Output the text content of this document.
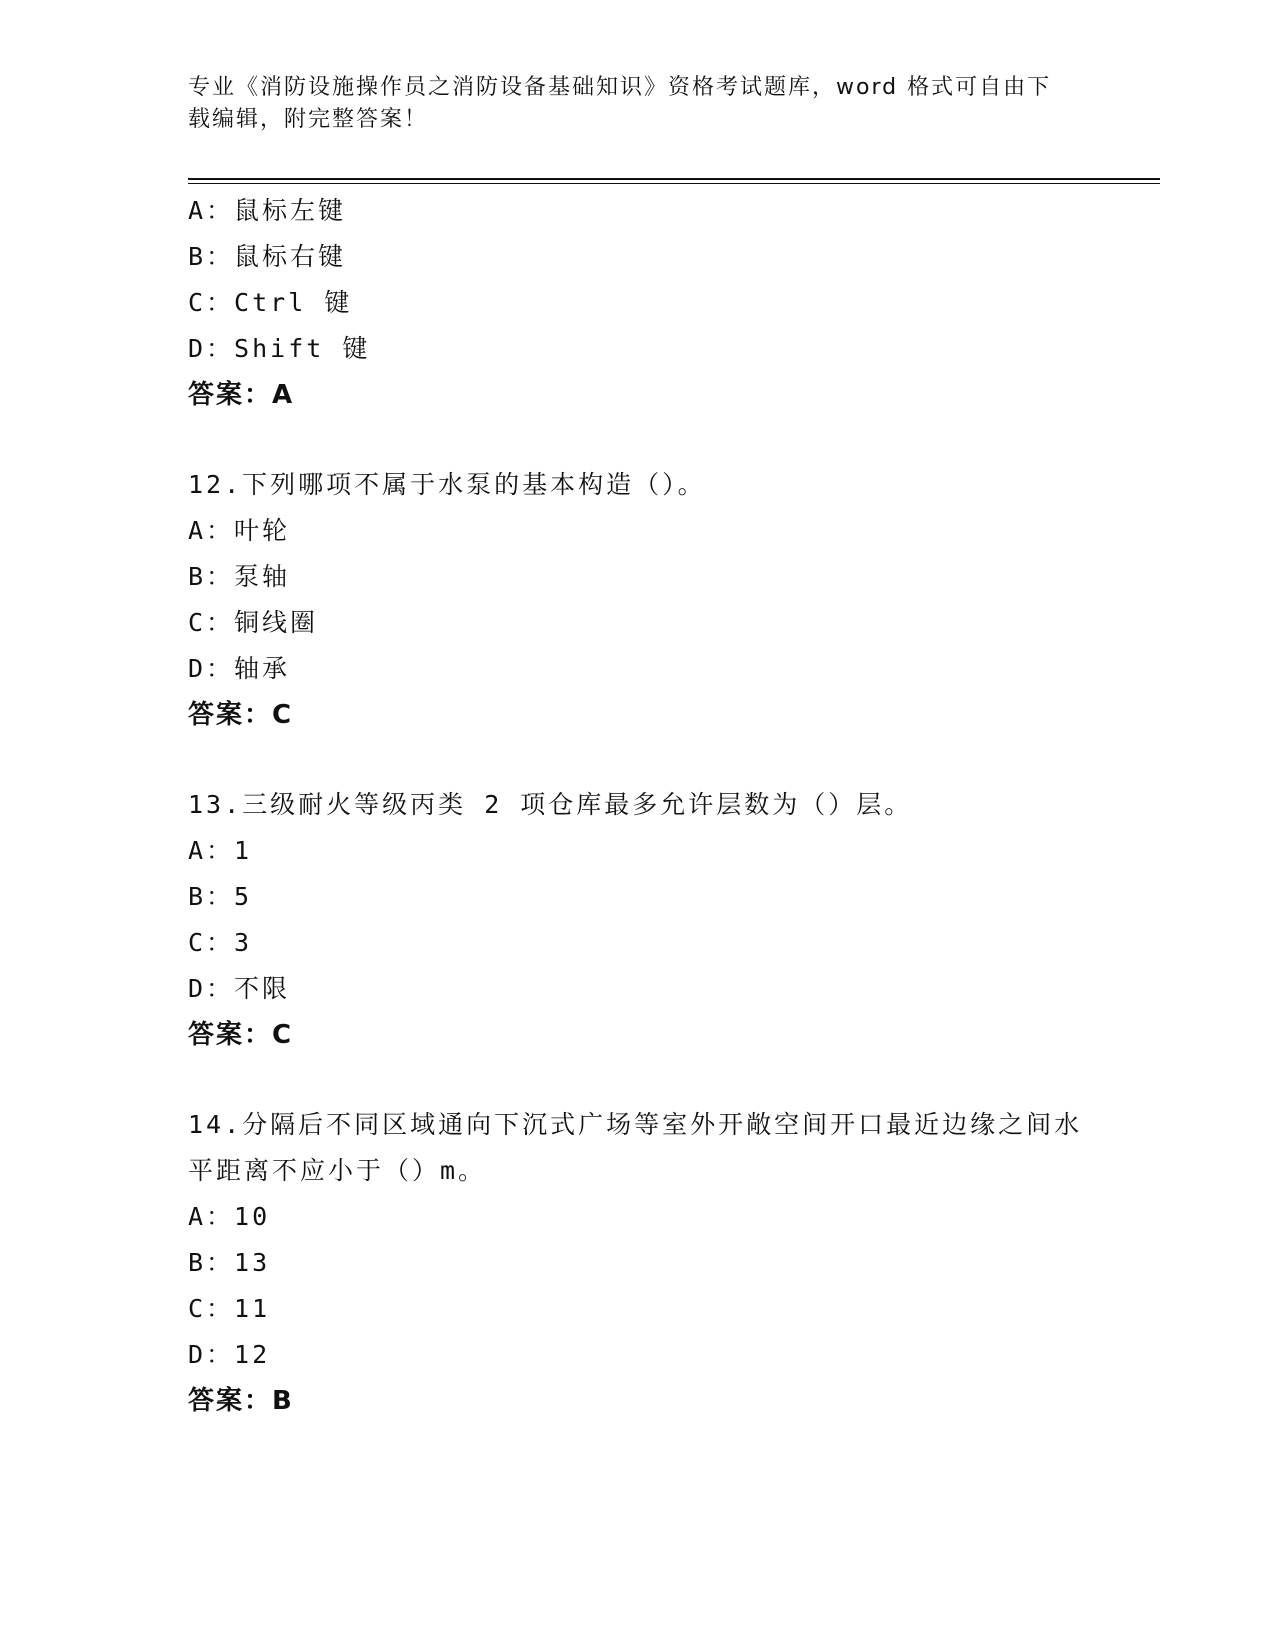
专业《消防设施操作员之消防设备基础知识》资格考试题库，word 格式可自由下
载编辑，附完整答案！
A：鼠标左键
B：鼠标右键
C：Ctrl 键
D：Shift 键
答案：A
12.下列哪项不属于水泵的基本构造（）。
A：叶轮
B：泵轴
C：铜线圈
D：轴承
答案：C
13.三级耐火等级丙类 2 项仓库最多允许层数为（）层。
A：1
B：5
C：3
D：不限
答案：C
14.分隔后不同区域通向下沉式广场等室外开敞空间开口最近边缘之间水平距离不应小于（）m。
A：10
B：13
C：11
D：12
答案：B
